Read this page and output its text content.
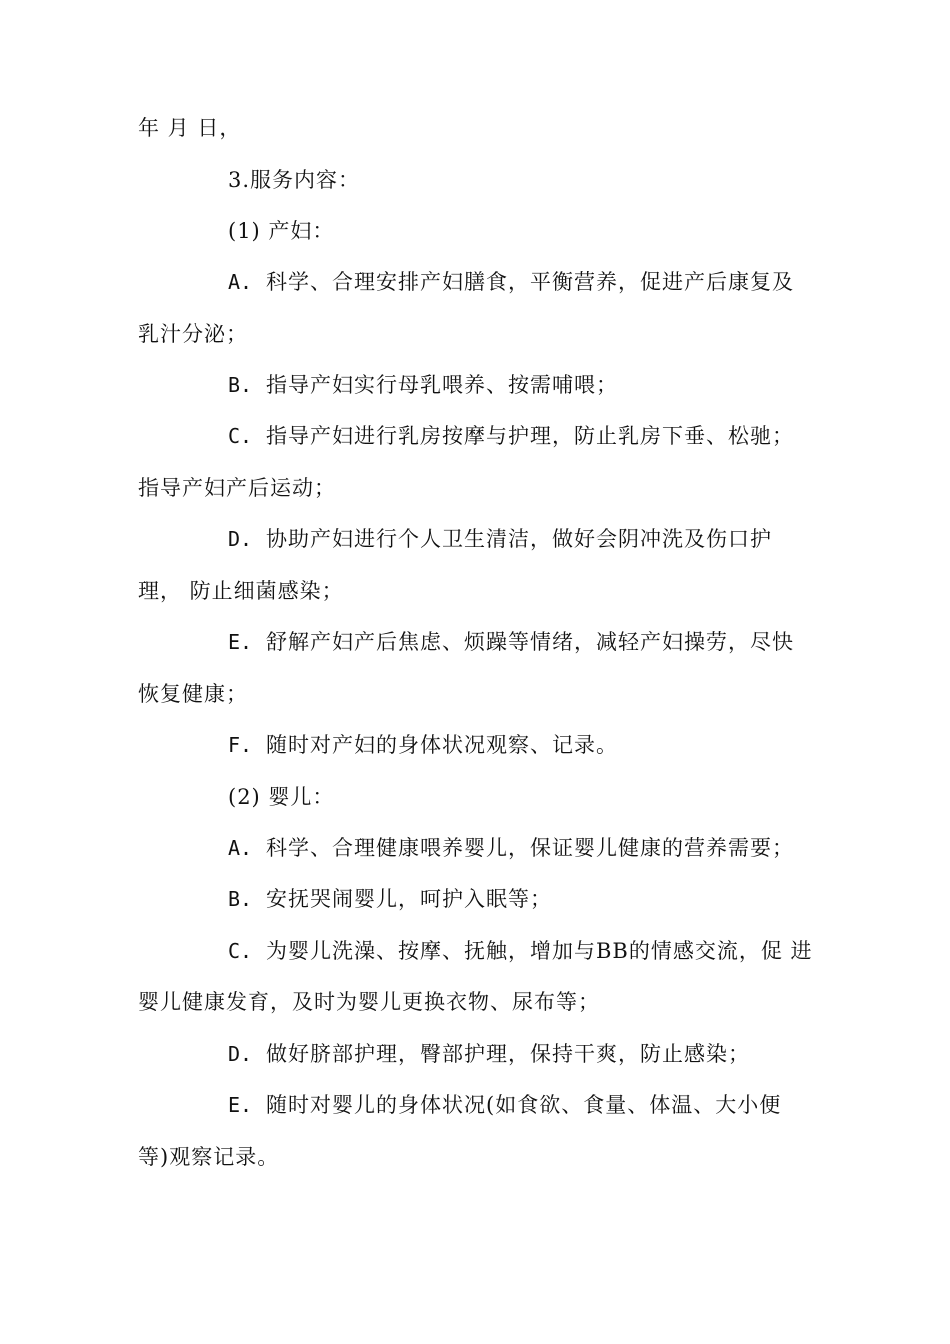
年 月 日，
3.服务内容：
(1) 产妇：
A. 科学、合理安排产妇膳食，平衡营养，促进产后康复及
乳汁分泌；
B. 指导产妇实行母乳喂养、按需哺喂；
C. 指导产妇进行乳房按摩与护理，防止乳房下垂、松驰；
指导产妇产后运动；
D. 协助产妇进行个人卫生清洁，做好会阴冲洗及伤口护
理， 防止细菌感染；
E. 舒解产妇产后焦虑、烦躁等情绪，减轻产妇操劳，尽快
恢复健康；
F. 随时对产妇的身体状况观察、记录。
(2) 婴儿：
A. 科学、合理健康喂养婴儿，保证婴儿健康的营养需要；
B. 安抚哭闹婴儿，呵护入眠等；
C. 为婴儿洗澡、按摩、抚触，增加与BB的情感交流，促 进
婴儿健康发育，及时为婴儿更换衣物、尿布等；
D. 做好脐部护理，臀部护理，保持干爽，防止感染；
E. 随时对婴儿的身体状况(如食欲、食量、体温、大小便
等)观察记录。
